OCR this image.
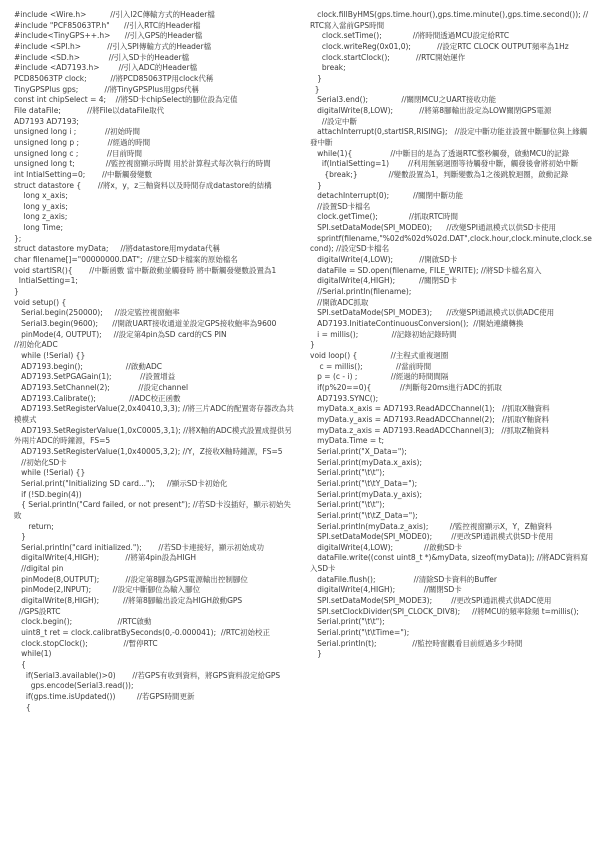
#include <Wire.h>          //引入I2C傳輸方式的Header檔
#include "PCF85063TP.h"      //引入RTC的Header檔
#include<TinyGPS++.h>      //引入GPS的Header檔
#include <SPI.h>           //引入SPI傳輸方式的Header檔
#include <SD.h>            //引入SD卡的Header檔
#include <AD7193.h>        //引入ADC的Header檔
PCD85063TP clock;          //將PCD85063TP用clock代稱
TinyGPSPlus gps;           //將TinyGPSPlus用gps代稱
const int chipSelect = 4;    //將SD卡chipSelect的腳位設為定值
File dataFile;           //將File以dataFile取代
AD7193 AD7193;
unsigned long i ;            //初始時間
unsigned long p ;            //經過的時間
unsigned long c ;            //目前時間
unsigned long t;             //監控視窗顯示時間 用於計算程式每次執行的時間
int IntialSetting=0;       //中斷觸發變數
struct datastore {       //將x，y，z三軸資料以及時間存成datastore的結構
long x_axis;
long y_axis;
long z_axis;
long Time;
};
struct datastore myData;     //將datastore用mydata代稱
char filename[]="00000000.DAT";  //建立SD卡檔案的原始檔名
void startISR(){       //中斷函數 當中斷啟動並觸發時 將中斷觸發變數設置為1
IntialSetting=1;
}
void setup() {
Serial.begin(250000);     //設定監控視窗鮑率
Serial3.begin(9600);      //開啟UART接收通道並設定GPS接收鮑率為9600
pinMode(4, OUTPUT);     //設定第4pin為SD card的CS PIN
//初始化ADC
while (!Serial) {}
AD7193.begin();                  //啟動ADC
AD7193.SetPGAGain(1);            //設置增益
AD7193.SetChannel(2);            //設定channel
AD7193.Calibrate();              //ADC校正函數
AD7193.SetRegisterValue(2,0x40410,3,3); //將三片ADC的配置寄存器改為共模模式
AD7193.SetRegisterValue(1,0xC0005,3,1); //將X軸的ADC模式設置成提供另外兩片ADC的時鐘源，FS=5
AD7193.SetRegisterValue(1,0x40005,3,2); //Y，Z接收X軸時鐘源，FS=5
//初始化SD卡
while (!Serial) {}
Serial.print("Initializing SD card...");     //顯示SD卡初始化
if (!SD.begin(4))
{ Serial.println("Card failed, or not present"); //若SD卡沒插好，顯示初始失敗
return;
}
Serial.println("card initialized.");       //若SD卡連接好，顯示初始成功
digitalWrite(4,HIGH);           //將第4pin設為HIGH
//digital pin
pinMode(8,OUTPUT);           //設定第8腳為GPS電源輸出控制腳位
pinMode(2,INPUT);         //設定中斷腳位為輸入腳位
digitalWrite(8,HIGH);          //將第8腳輸出設定為HIGH啟動GPS
//GPS設RTC
clock.begin();                   //RTC啟動
uint8_t ret = clock.calibratBySeconds(0,-0.000041);  //RTC初始校正
clock.stopClock();               //暫停RTC
while(1)
{
if(Serial3.available()>0)       //若GPS有收到資料，將GPS資料設定給GPS
gps.encode(Serial3.read());
if(gps.time.isUpdated())         //若GPS時間更新
{
clock.fillByHMS(gps.time.hour(),gps.time.minute(),gps.time.second()); //RTC寫入當前GPS時間
clock.setTime();             //將時間透過MCU設定給RTC
clock.writeReg(0x01,0);           //設定RTC CLOCK OUTPUT頻率為1Hz
clock.startClock();           //RTC開始運作
break;
}
}
Serial3.end();              //關閉MCU之UART接收功能
digitalWrite(8,LOW);           //將第8腳輸出設定為LOW關閉GPS電源
//設定中斷
attachInterrupt(0,startISR,RISING);   //設定中斷功能並設置中斷腳位與上緣觸發中斷
while(1){                //中斷目的是為了透過RTC整秒觸發，啟動MCU的記錄
if(IntialSetting=1)        //利用無窮迴圈等待觸發中斷，觸發後會將初始中斷
{break;}             //變數設置為1，判斷變數為1之後跳脫迴圈，啟動記錄
}
detachInterrupt(0);          //關閉中斷功能
//設置SD卡檔名
clock.getTime();             //抓取RTC時間
SPI.setDataMode(SPI_MODE0);      //改變SPI通訊模式以供SD卡使用
sprintf(filename,"%02d%02d%02d.DAT",clock.hour,clock.minute,clock.second); //設定SD卡檔名
digitalWrite(4,LOW);           //開啟SD卡
dataFile = SD.open(filename, FILE_WRITE); //將SD卡檔名寫入
digitalWrite(4,HIGH);          //關閉SD卡
//Serial.println(filename);
//開啟ADC抓取
SPI.setDataMode(SPI_MODE3);      //改變SPI通訊模式以供ADC使用
AD7193.InitiateContinuousConversion();  //開始連續轉換
i = millis();              //記錄初始記錄時間
}
void loop() {              //主程式重複迴圈
c = millis();              //當前時間
p = (c - i) ;              //經過的時間間隔
if(p%20==0){            //判斷每20ms進行ADC的抓取
AD7193.SYNC();
myData.x_axis = AD7193.ReadADCChannel(1);   //抓取X軸資料
myData.y_axis = AD7193.ReadADCChannel(2);   //抓取Y軸資料
myData.z_axis = AD7193.ReadADCChannel(3);   //抓取Z軸資料
myData.Time = t;
Serial.print("X_Data=");
Serial.print(myData.x_axis);
Serial.print("\t\t");
Serial.print("\t\tY_Data=");
Serial.print(myData.y_axis);
Serial.print("\t\t");
Serial.print("\t\tZ_Data=");
Serial.println(myData.z_axis);         //監控視窗顯示X，Y，Z軸資料
SPI.setDataMode(SPI_MODE0);        //更改SPI通訊模式供SD卡使用
digitalWrite(4,LOW);             //啟動SD卡
dataFile.write((const uint8_t *)&myData, sizeof(myData)); //將ADC資料寫入SD卡
dataFile.flush();                //清除SD卡資料的Buffer
digitalWrite(4,HIGH);            //關閉SD卡
SPI.setDataMode(SPI_MODE3);        //更改SPI通訊模式供ADC使用
SPI.setClockDivider(SPI_CLOCK_DIV8);     //將MCU的頻率除頻 t=millis();
Serial.print("\t\t");
Serial.print("\t\tTime=");
Serial.println(t);               //監控時窗觀看目前經過多少時間
}
